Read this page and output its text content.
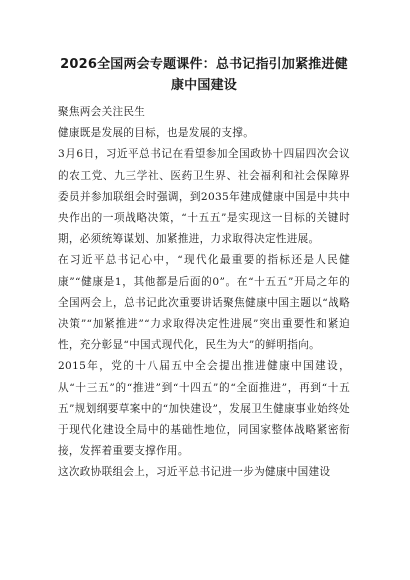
2026全国两会专题课件：总书记指引加紧推进健康中国建设

聚焦两会关注民生

健康既是发展的目标，也是发展的支撑。

3月6日，习近平总书记在看望参加全国政协十四届四次会议的农工党、九三学社、医药卫生界、社会福利和社会保障界委员并参加联组会时强调，到2035年建成健康中国是中共中央作出的一项战略决策，“十五五”是实现这一目标的关键时期，必须统筹谋划、加紧推进，力求取得决定性进展。

在习近平总书记心中，“现代化最重要的指标还是人民健康”“健康是1，其他都是后面的0”。在“十五五”开局之年的全国两会上，总书记此次重要讲话聚焦健康中国主题以“战略决策”“加紧推进”“力求取得决定性进展”突出重要性和紧迫性，充分彰显“中国式现代化，民生为大”的鲜明指向。

2015年，党的十八届五中全会提出推进健康中国建设，从“十三五”的“推进”到“十四五”的“全面推进”，再到“十五五”规划纲要草案中的“加快建设”，发展卫生健康事业始终处于现代化建设全局中的基础性地位，同国家整体战略紧密衔接，发挥着重要支撑作用。

这次政协联组会上，习近平总书记进一步为健康中国建设
